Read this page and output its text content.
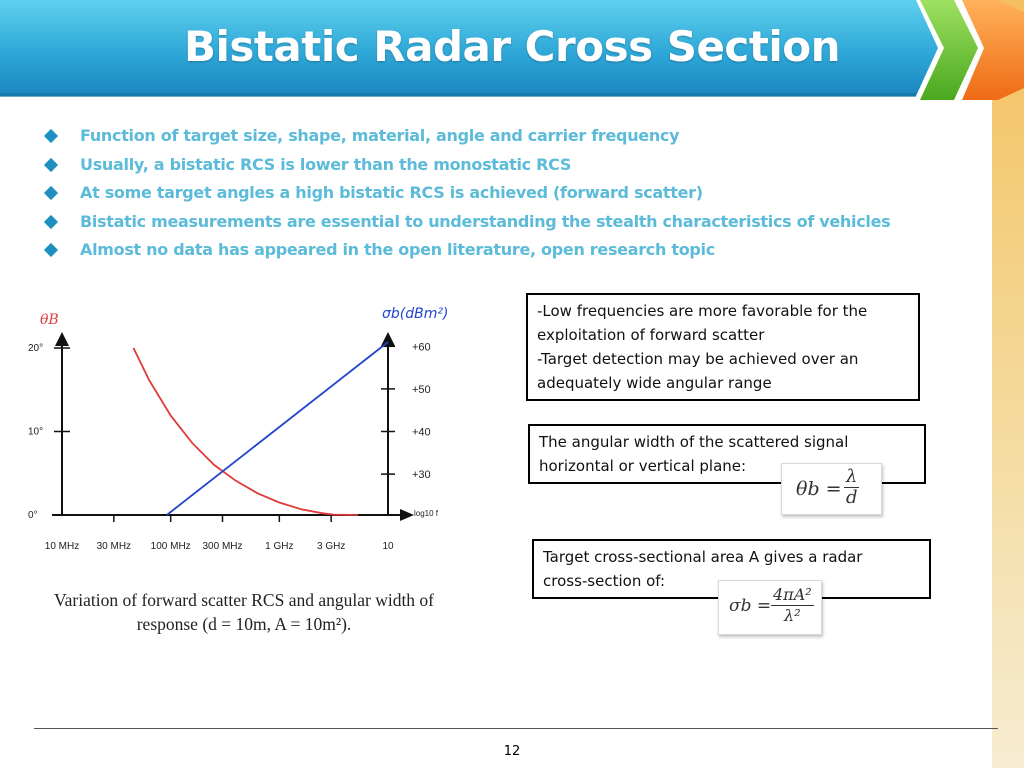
Bistatic Radar Cross Section
Function of target size, shape, material, angle and carrier frequency
Usually, a bistatic RCS is lower than the monostatic RCS
At some target angles a high bistatic RCS is achieved (forward scatter)
Bistatic measurements are essential to understanding the stealth characteristics of vehicles
Almost no data has appeared in the open literature, open research topic
10 MHz 30 MHz 100 MHz 300 MHz 1 GHz 3 GHz	10
20°
10°
0°
+60
+50
+40
+30
θB	σb(dBm²)
log10 f
Variation of forward scatter RCS and angular width of
response (d = 10m, A = 10m²).
-Low frequencies are more favorable for the
exploitation of forward scatter
-Target detection may be achieved over an
adequately wide angular range
The angular width of the scattered signal
horizontal or vertical plane:
Target cross-sectional area A gives a radar
cross-section of:
$\theta b = \frac{\lambda}{d}$
$\sigma b = \frac{\text{4πA²}}{\text{λ²}}$
12
